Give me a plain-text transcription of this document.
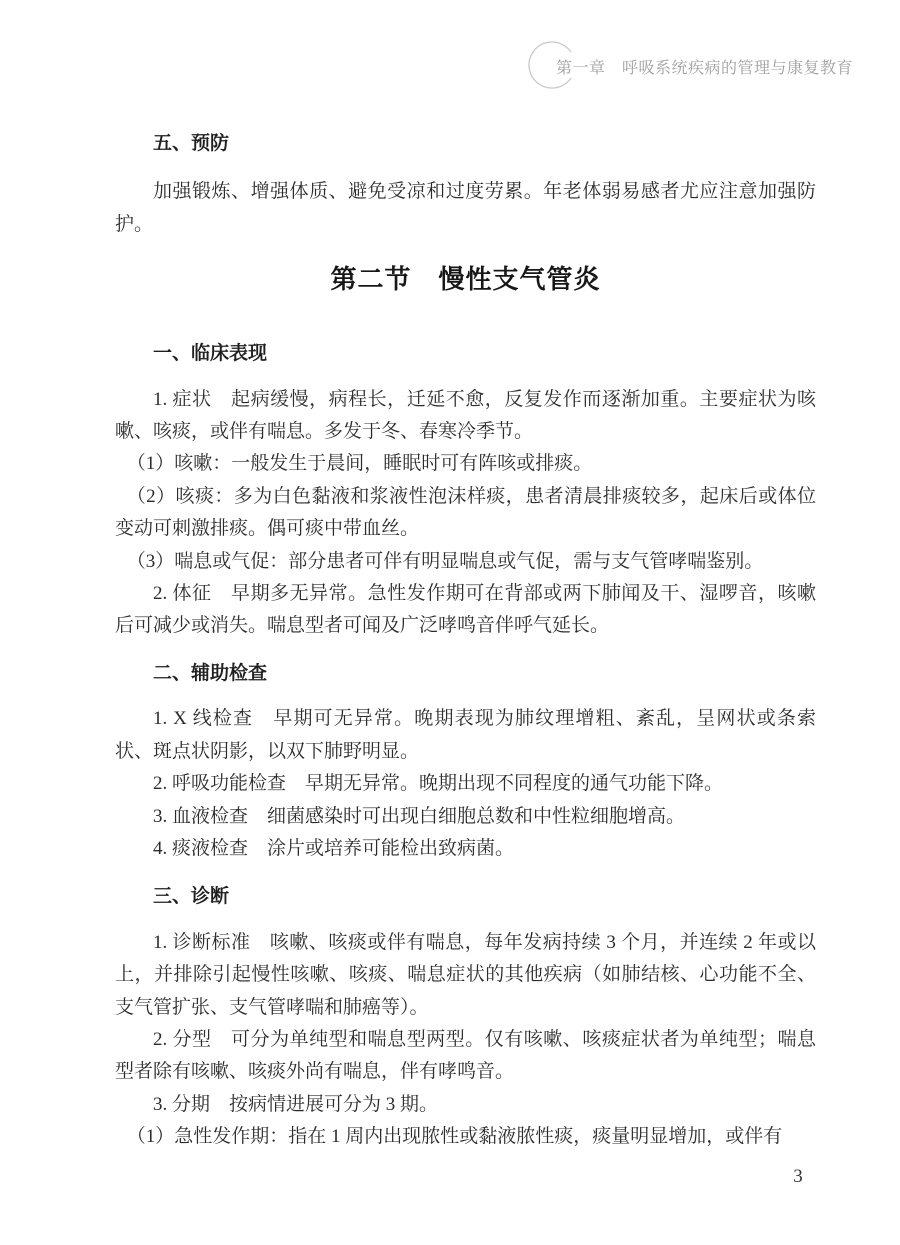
第一章　呼吸系统疾病的管理与康复教育
五、预防

加强锻炼、增强体质、避免受凉和过度劳累。年老体弱易感者尤应注意加强防护。

第二节　慢性支气管炎
一、临床表现

1. 症状　起病缓慢，病程长，迁延不愈，反复发作而逐渐加重。主要症状为咳嗽、咳痰，或伴有喘息。多发于冬、春寒冷季节。

（1）咳嗽：一般发生于晨间，睡眠时可有阵咳或排痰。

（2）咳痰：多为白色黏液和浆液性泡沫样痰，患者清晨排痰较多，起床后或体位变动可刺激排痰。偶可痰中带血丝。

（3）喘息或气促：部分患者可伴有明显喘息或气促，需与支气管哮喘鉴别。

2. 体征　早期多无异常。急性发作期可在背部或两下肺闻及干、湿啰音，咳嗽后可减少或消失。喘息型者可闻及广泛哮鸣音伴呼气延长。

二、辅助检查

1. X 线检查　早期可无异常。晚期表现为肺纹理增粗、紊乱，呈网状或条索状、斑点状阴影，以双下肺野明显。

2. 呼吸功能检查　早期无异常。晚期出现不同程度的通气功能下降。

3. 血液检查　细菌感染时可出现白细胞总数和中性粒细胞增高。

4. 痰液检查　涂片或培养可能检出致病菌。

三、诊断

1. 诊断标准　咳嗽、咳痰或伴有喘息，每年发病持续 3 个月，并连续 2 年或以上，并排除引起慢性咳嗽、咳痰、喘息症状的其他疾病（如肺结核、心功能不全、支气管扩张、支气管哮喘和肺癌等）。

2. 分型　可分为单纯型和喘息型两型。仅有咳嗽、咳痰症状者为单纯型；喘息型者除有咳嗽、咳痰外尚有喘息，伴有哮鸣音。

3. 分期　按病情进展可分为 3 期。

（1）急性发作期：指在 1 周内出现脓性或黏液脓性痰，痰量明显增加，或伴有

3
